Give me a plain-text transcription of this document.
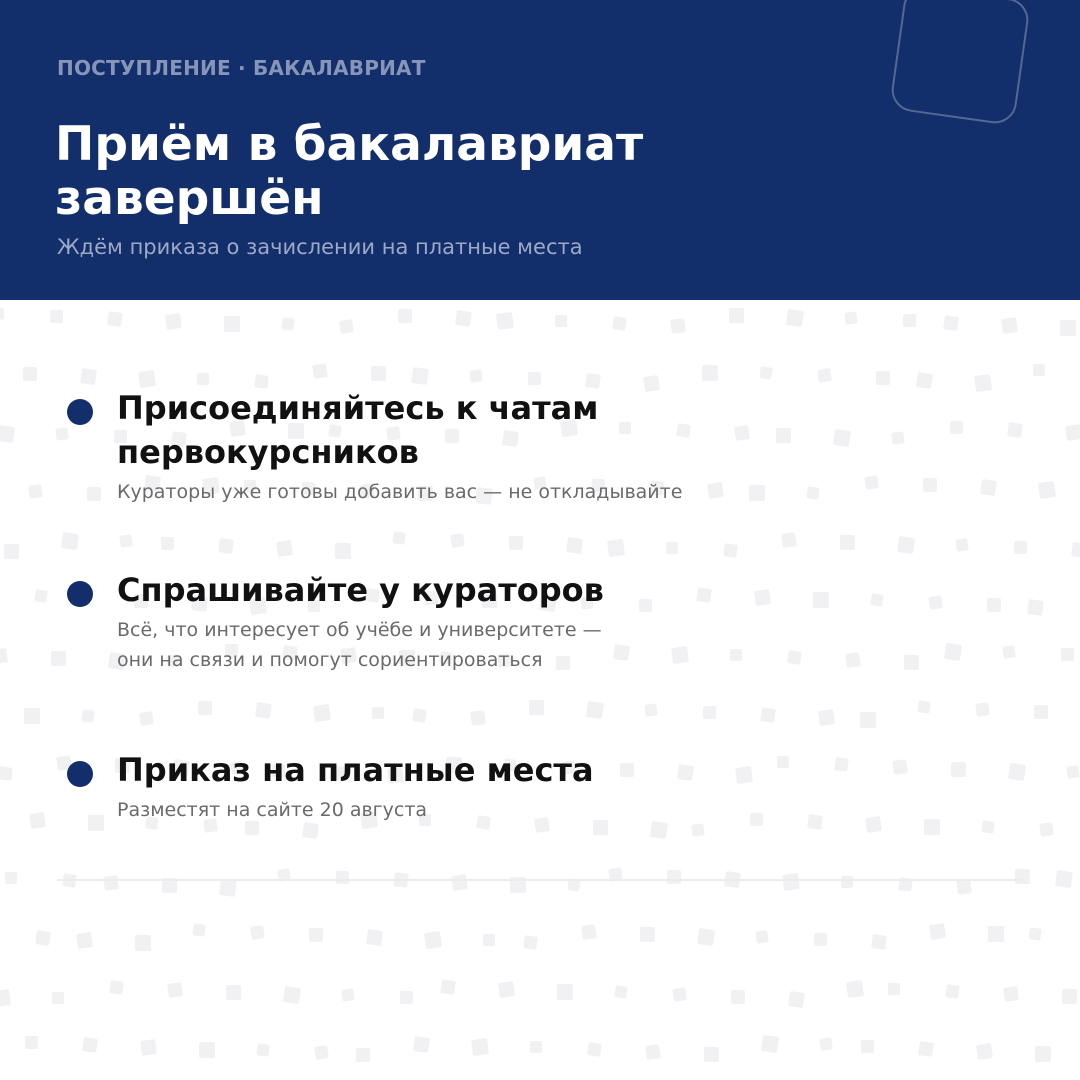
ПОСТУПЛЕНИЕ · БАКАЛАВРИАТ
Приём в бакалавриат
завершён
Ждём приказа о зачислении на платные места

Присоединяйтесь к чатам
первокурсников

Кураторы уже готовы добавить вас — не откладывайте

Спрашивайте у кураторов

Всё, что интересует об учёбе и университете —
они на связи и помогут сориентироваться

Приказ на платные места

Разместят на сайте 20 августа
